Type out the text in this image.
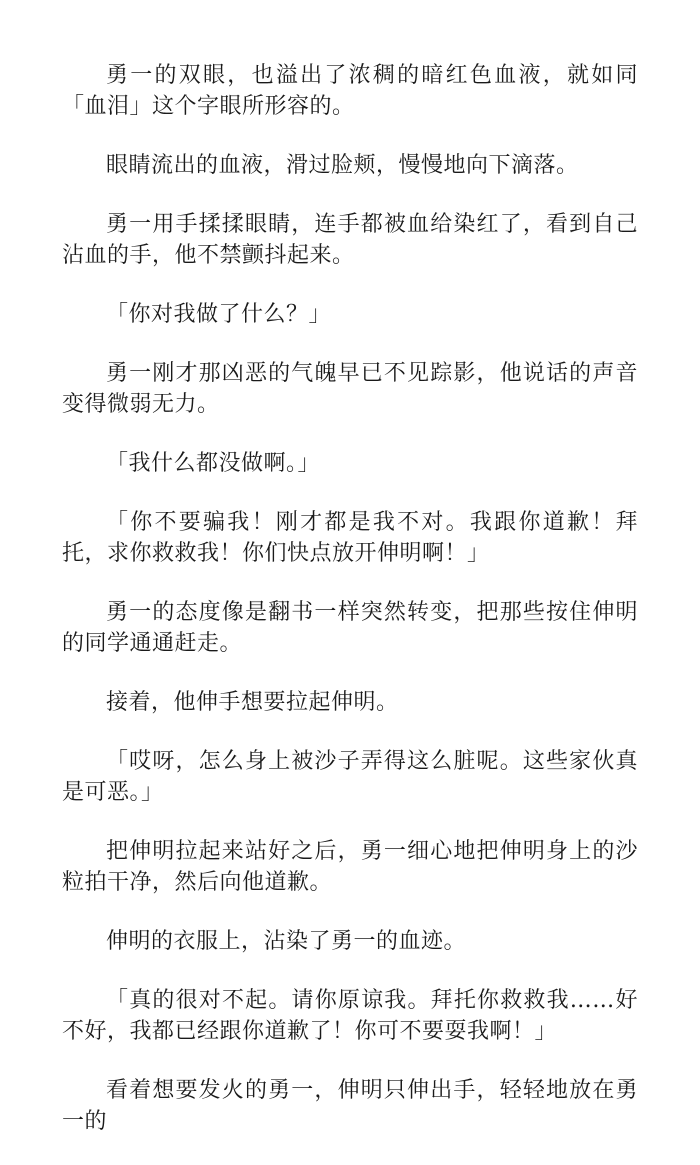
勇一的双眼，也溢出了浓稠的暗红色血液，就如同「血泪」这个字眼所形容的。

眼睛流出的血液，滑过脸颊，慢慢地向下滴落。

勇一用手揉揉眼睛，连手都被血给染红了，看到自己沾血的手，他不禁颤抖起来。

「你对我做了什么？」

勇一刚才那凶恶的气魄早已不见踪影，他说话的声音变得微弱无力。

「我什么都没做啊。」

「你不要骗我！刚才都是我不对。我跟你道歉！拜托，求你救救我！你们快点放开伸明啊！」

勇一的态度像是翻书一样突然转变，把那些按住伸明的同学通通赶走。

接着，他伸手想要拉起伸明。

「哎呀，怎么身上被沙子弄得这么脏呢。这些家伙真是可恶。」

把伸明拉起来站好之后，勇一细心地把伸明身上的沙粒拍干净，然后向他道歉。

伸明的衣服上，沾染了勇一的血迹。

「真的很对不起。请你原谅我。拜托你救救我……好不好，我都已经跟你道歉了！你可不要耍我啊！」

看着想要发火的勇一，伸明只伸出手，轻轻地放在勇一的
